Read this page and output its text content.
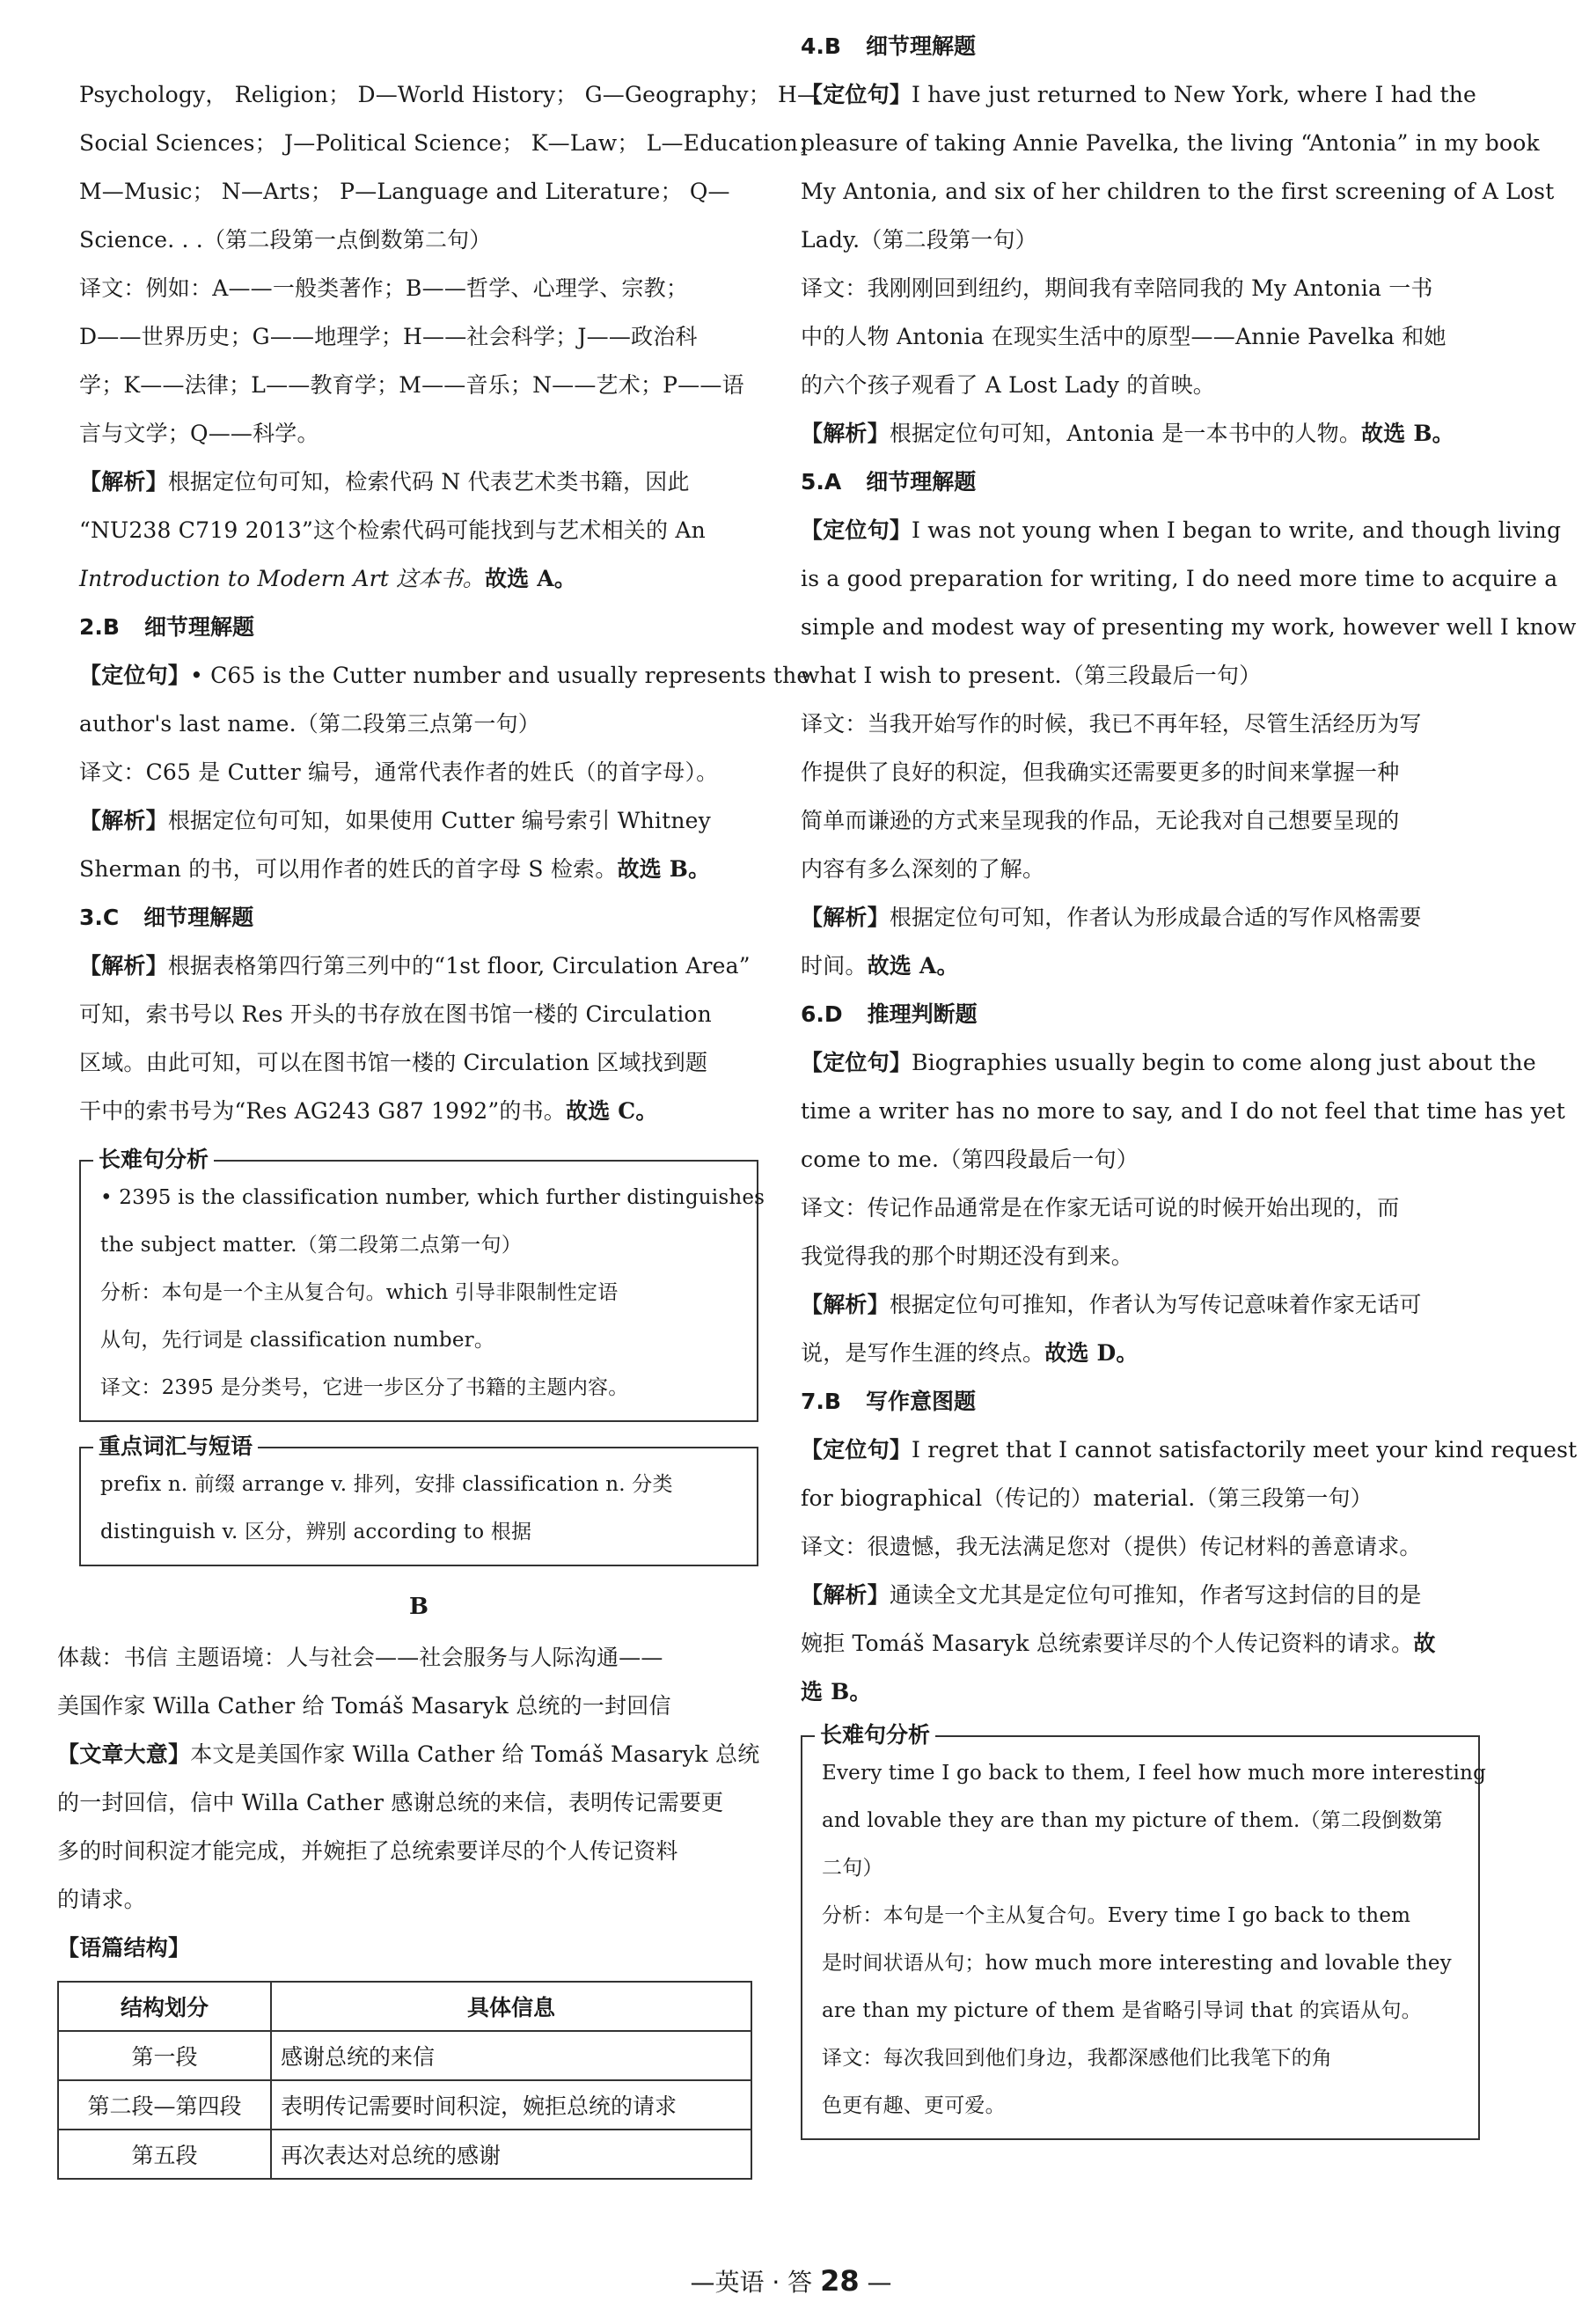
Psychology， Religion； D—World History； G—Geography； H—
Social Sciences； J—Political Science； K—Law； L—Education；
M—Music； N—Arts； P—Language and Literature； Q—
Science. . .（第二段第一点倒数第二句）
译文：例如：A——一般类著作；B——哲学、心理学、宗教；
D——世界历史；G——地理学；H——社会科学；J——政治科
学；K——法律；L——教育学；M——音乐；N——艺术；P——语
言与文学；Q——科学。
【解析】根据定位句可知，检索代码 N 代表艺术类书籍，因此
“NU238 C719 2013”这个检索代码可能找到与艺术相关的 An
Introduction to Modern Art 这本书。故选 A。
2.B 细节理解题
【定位句】• C65 is the Cutter number and usually represents the
author's last name.（第二段第三点第一句）
译文：C65 是 Cutter 编号，通常代表作者的姓氏（的首字母）。
【解析】根据定位句可知，如果使用 Cutter 编号索引 Whitney
Sherman 的书，可以用作者的姓氏的首字母 S 检索。故选 B。
3.C 细节理解题
【解析】根据表格第四行第三列中的“1st floor, Circulation Area”
可知，索书号以 Res 开头的书存放在图书馆一楼的 Circulation
区域。由此可知，可以在图书馆一楼的 Circulation 区域找到题
干中的索书号为“Res AG243 G87 1992”的书。故选 C。
长难句分析
• 2395 is the classification number, which further distinguishes
the subject matter.（第二段第二点第一句）
分析：本句是一个主从复合句。which 引导非限制性定语
从句，先行词是 classification number。
译文：2395 是分类号，它进一步区分了书籍的主题内容。
重点词汇与短语
prefix n. 前缀 arrange v. 排列，安排 classification n. 分类
distinguish v. 区分，辨别 according to 根据
B
体裁：书信 主题语境：人与社会——社会服务与人际沟通——
美国作家 Willa Cather 给 Tomáš Masaryk 总统的一封回信
【文章大意】本文是美国作家 Willa Cather 给 Tomáš Masaryk 总统
的一封回信，信中 Willa Cather 感谢总统的来信，表明传记需要更
多的时间积淀才能完成，并婉拒了总统索要详尽的个人传记资料
的请求。
【语篇结构】
结构划分	具体信息
第一段	感谢总统的来信
第二段—第四段	表明传记需要时间积淀，婉拒总统的请求
第五段	再次表达对总统的感谢
4.B 细节理解题
【定位句】I have just returned to New York, where I had the
pleasure of taking Annie Pavelka, the living “Antonia” in my book
My Antonia, and six of her children to the first screening of A Lost
Lady.（第二段第一句）
译文：我刚刚回到纽约，期间我有幸陪同我的 My Antonia 一书
中的人物 Antonia 在现实生活中的原型——Annie Pavelka 和她
的六个孩子观看了 A Lost Lady 的首映。
【解析】根据定位句可知，Antonia 是一本书中的人物。故选 B。
5.A 细节理解题
【定位句】I was not young when I began to write, and though living
is a good preparation for writing, I do need more time to acquire a
simple and modest way of presenting my work, however well I know
what I wish to present.（第三段最后一句）
译文：当我开始写作的时候，我已不再年轻，尽管生活经历为写
作提供了良好的积淀，但我确实还需要更多的时间来掌握一种
简单而谦逊的方式来呈现我的作品，无论我对自己想要呈现的
内容有多么深刻的了解。
【解析】根据定位句可知，作者认为形成最合适的写作风格需要
时间。故选 A。
6.D 推理判断题
【定位句】Biographies usually begin to come along just about the
time a writer has no more to say, and I do not feel that time has yet
come to me.（第四段最后一句）
译文：传记作品通常是在作家无话可说的时候开始出现的，而
我觉得我的那个时期还没有到来。
【解析】根据定位句可推知，作者认为写传记意味着作家无话可
说，是写作生涯的终点。故选 D。
7.B 写作意图题
【定位句】I regret that I cannot satisfactorily meet your kind request
for biographical（传记的）material.（第三段第一句）
译文：很遗憾，我无法满足您对（提供）传记材料的善意请求。
【解析】通读全文尤其是定位句可推知，作者写这封信的目的是
婉拒 Tomáš Masaryk 总统索要详尽的个人传记资料的请求。故
选 B。
长难句分析
Every time I go back to them, I feel how much more interesting
and lovable they are than my picture of them.（第二段倒数第
二句）
分析：本句是一个主从复合句。Every time I go back to them
是时间状语从句；how much more interesting and lovable they
are than my picture of them 是省略引导词 that 的宾语从句。
译文：每次我回到他们身边，我都深感他们比我笔下的角
色更有趣、更可爱。
—英语 · 答 28 —
